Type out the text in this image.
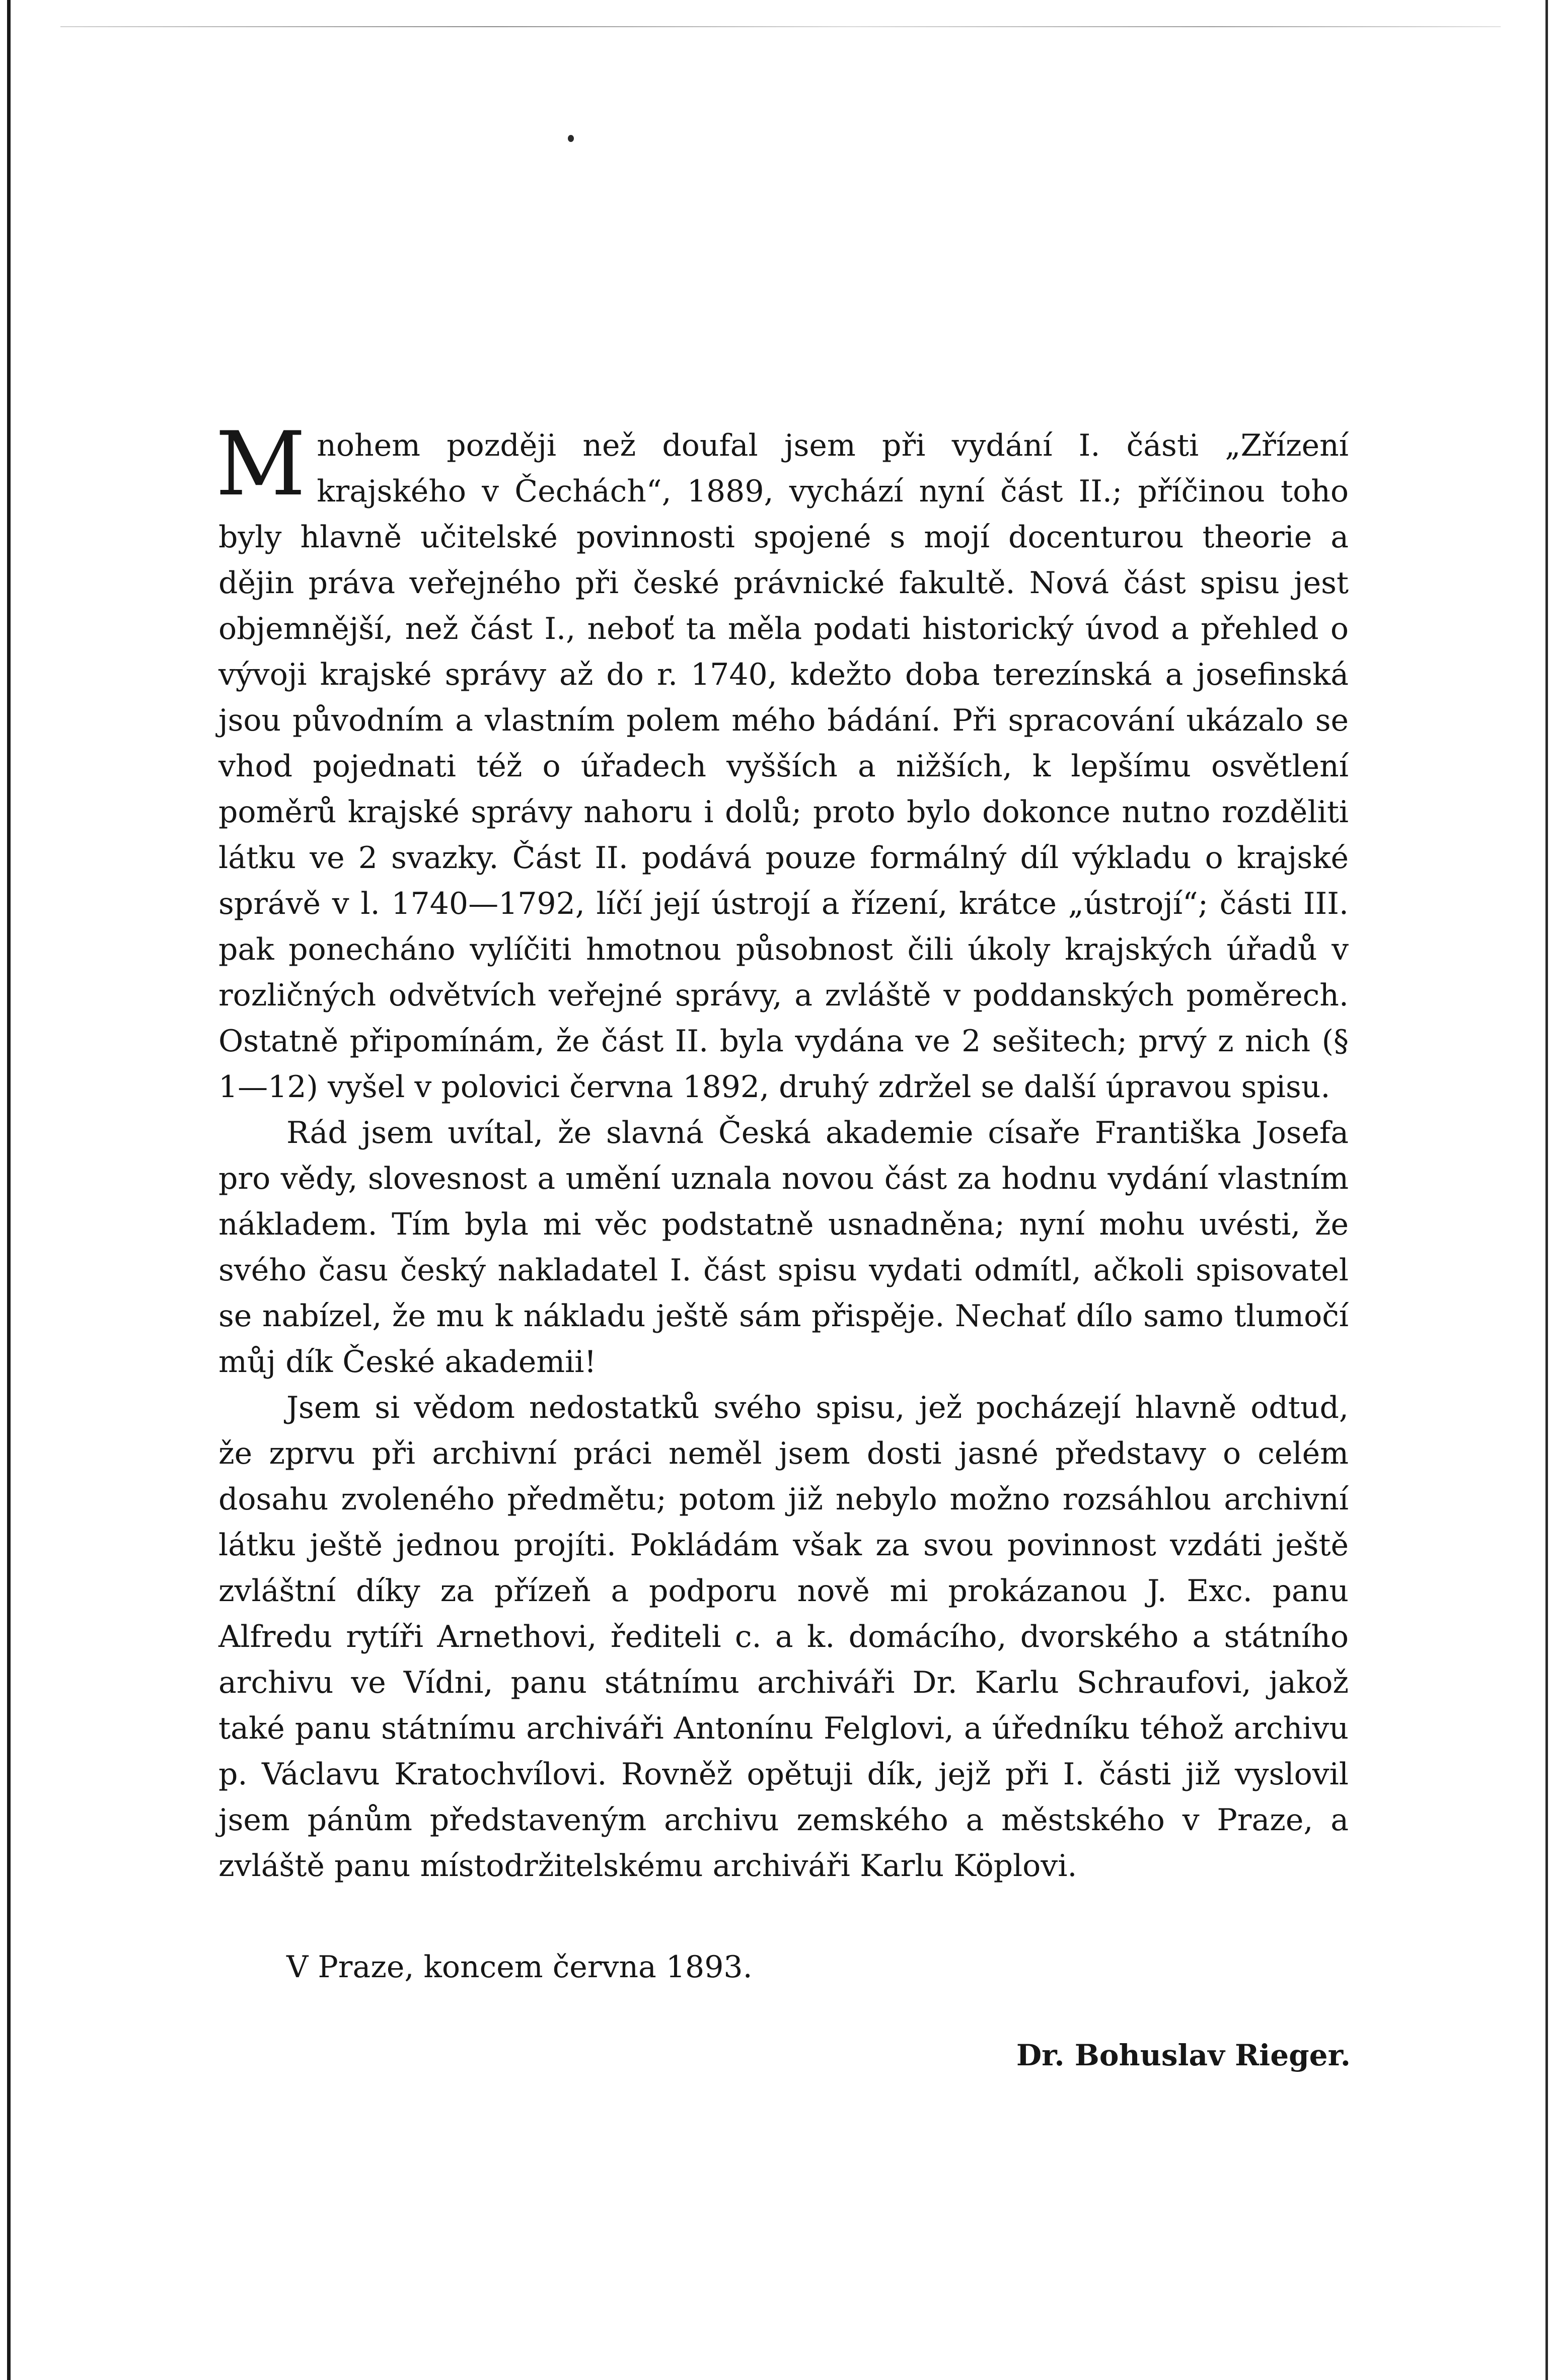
Mnohem později než doufal jsem při vydání I. části „Zřízení krajského v Čechách“, 1889, vychází nyní část II.; příčinou toho byly hlavně učitelské povinnosti spojené s mojí docenturou theorie a dějin práva veřejného při české právnické fakultě. Nová část spisu jest objemnější, než část I., neboť ta měla podati historický úvod a přehled o vývoji krajské správy až do r. 1740, kdežto doba terezínská a josefinská jsou původním a vlastním polem mého bádání. Při spracování ukázalo se vhod pojednati též o úřadech vyšších a nižších, k lepšímu osvětlení poměrů krajské správy nahoru i dolů; proto bylo dokonce nutno rozděliti látku ve 2 svazky. Část II. podává pouze formálný díl výkladu o krajské správě v l. 1740—1792, líčí její ústrojí a řízení, krátce „ústrojí“; části III. pak ponecháno vylíčiti hmotnou působnost čili úkoly krajských úřadů v rozličných odvětvích veřejné správy, a zvláště v poddanských poměrech. Ostatně připomínám, že část II. byla vydána ve 2 sešitech; prvý z nich (§ 1—12) vyšel v polovici června 1892, druhý zdržel se další úpravou spisu.

Rád jsem uvítal, že slavná Česká akademie císaře Františka Josefa pro vědy, slovesnost a umění uznala novou část za hodnu vydání vlastním nákladem. Tím byla mi věc podstatně usnadněna; nyní mohu uvésti, že svého času český nakladatel I. část spisu vydati odmítl, ačkoli spisovatel se nabízel, že mu k nákladu ještě sám přispěje. Nechať dílo samo tlumočí můj dík České akademii!

Jsem si vědom nedostatků svého spisu, jež pocházejí hlavně odtud, že zprvu při archivní práci neměl jsem dosti jasné představy o celém dosahu zvoleného předmětu; potom již nebylo možno rozsáhlou archivní látku ještě jednou projíti. Pokládám však za svou povinnost vzdáti ještě zvláštní díky za přízeň a podporu nově mi prokázanou J. Exc. panu Alfredu rytíři Arnethovi, řediteli c. a k. domácího, dvorského a státního archivu ve Vídni, panu státnímu archiváři Dr. Karlu Schraufovi, jakož také panu státnímu archiváři Antonínu Felglovi, a úředníku téhož archivu p. Václavu Kratochvílovi. Rovněž opětuji dík, jejž při I. části již vyslovil jsem pánům představeným archivu zemského a městského v Praze, a zvláště panu místodržitelskému archiváři Karlu Köplovi.

V Praze, koncem června 1893.

Dr. Bohuslav Rieger.
